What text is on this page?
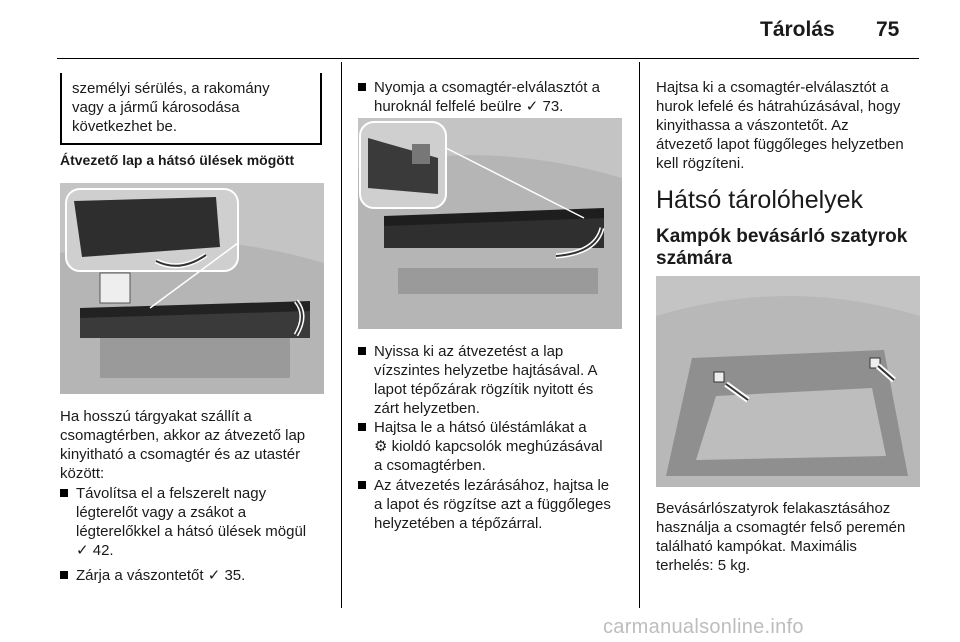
Tárolás 75
személyi sérülés, a rakomány
vagy a jármű károsodása
következhet be.
Átvezető lap a hátsó ülések mögött
Ha hosszú tárgyakat szállít a
csomagtérben, akkor az átvezető lap
kinyitható a csomagtér és az utastér
között:
Távolítsa el a felszerelt nagy
légterelőt vagy a zsákot a
légterelőkkel a hátsó ülések mögül
✓ 42.
Zárja a vászontetőt ✓ 35.
Nyomja a csomagtér-elválasztót a
huroknál felfelé beülre ✓ 73.
Nyissa ki az átvezetést a lap
vízszintes helyzetbe hajtásával. A
lapot tépőzárak rögzítik nyitott és
zárt helyzetben.
Hajtsa le a hátsó üléstámlákat a
⚙ kioldó kapcsolók meghúzásával
a csomagtérben.
Az átvezetés lezárásához, hajtsa le
a lapot és rögzítse azt a függőleges
helyzetében a tépőzárral.
Hajtsa ki a csomagtér-elválasztót a
hurok lefelé és hátrahúzásával, hogy
kinyithassa a vászontetőt. Az
átvezető lapot függőleges helyzetben
kell rögzíteni.
Hátsó tárolóhelyek
Kampók bevásárló szatyrok
számára
Bevásárlószatyrok felakasztásához
használja a csomagtér felső peremén
található kampókat. Maximális
terhelés: 5 kg.
carmanualsonline.info
